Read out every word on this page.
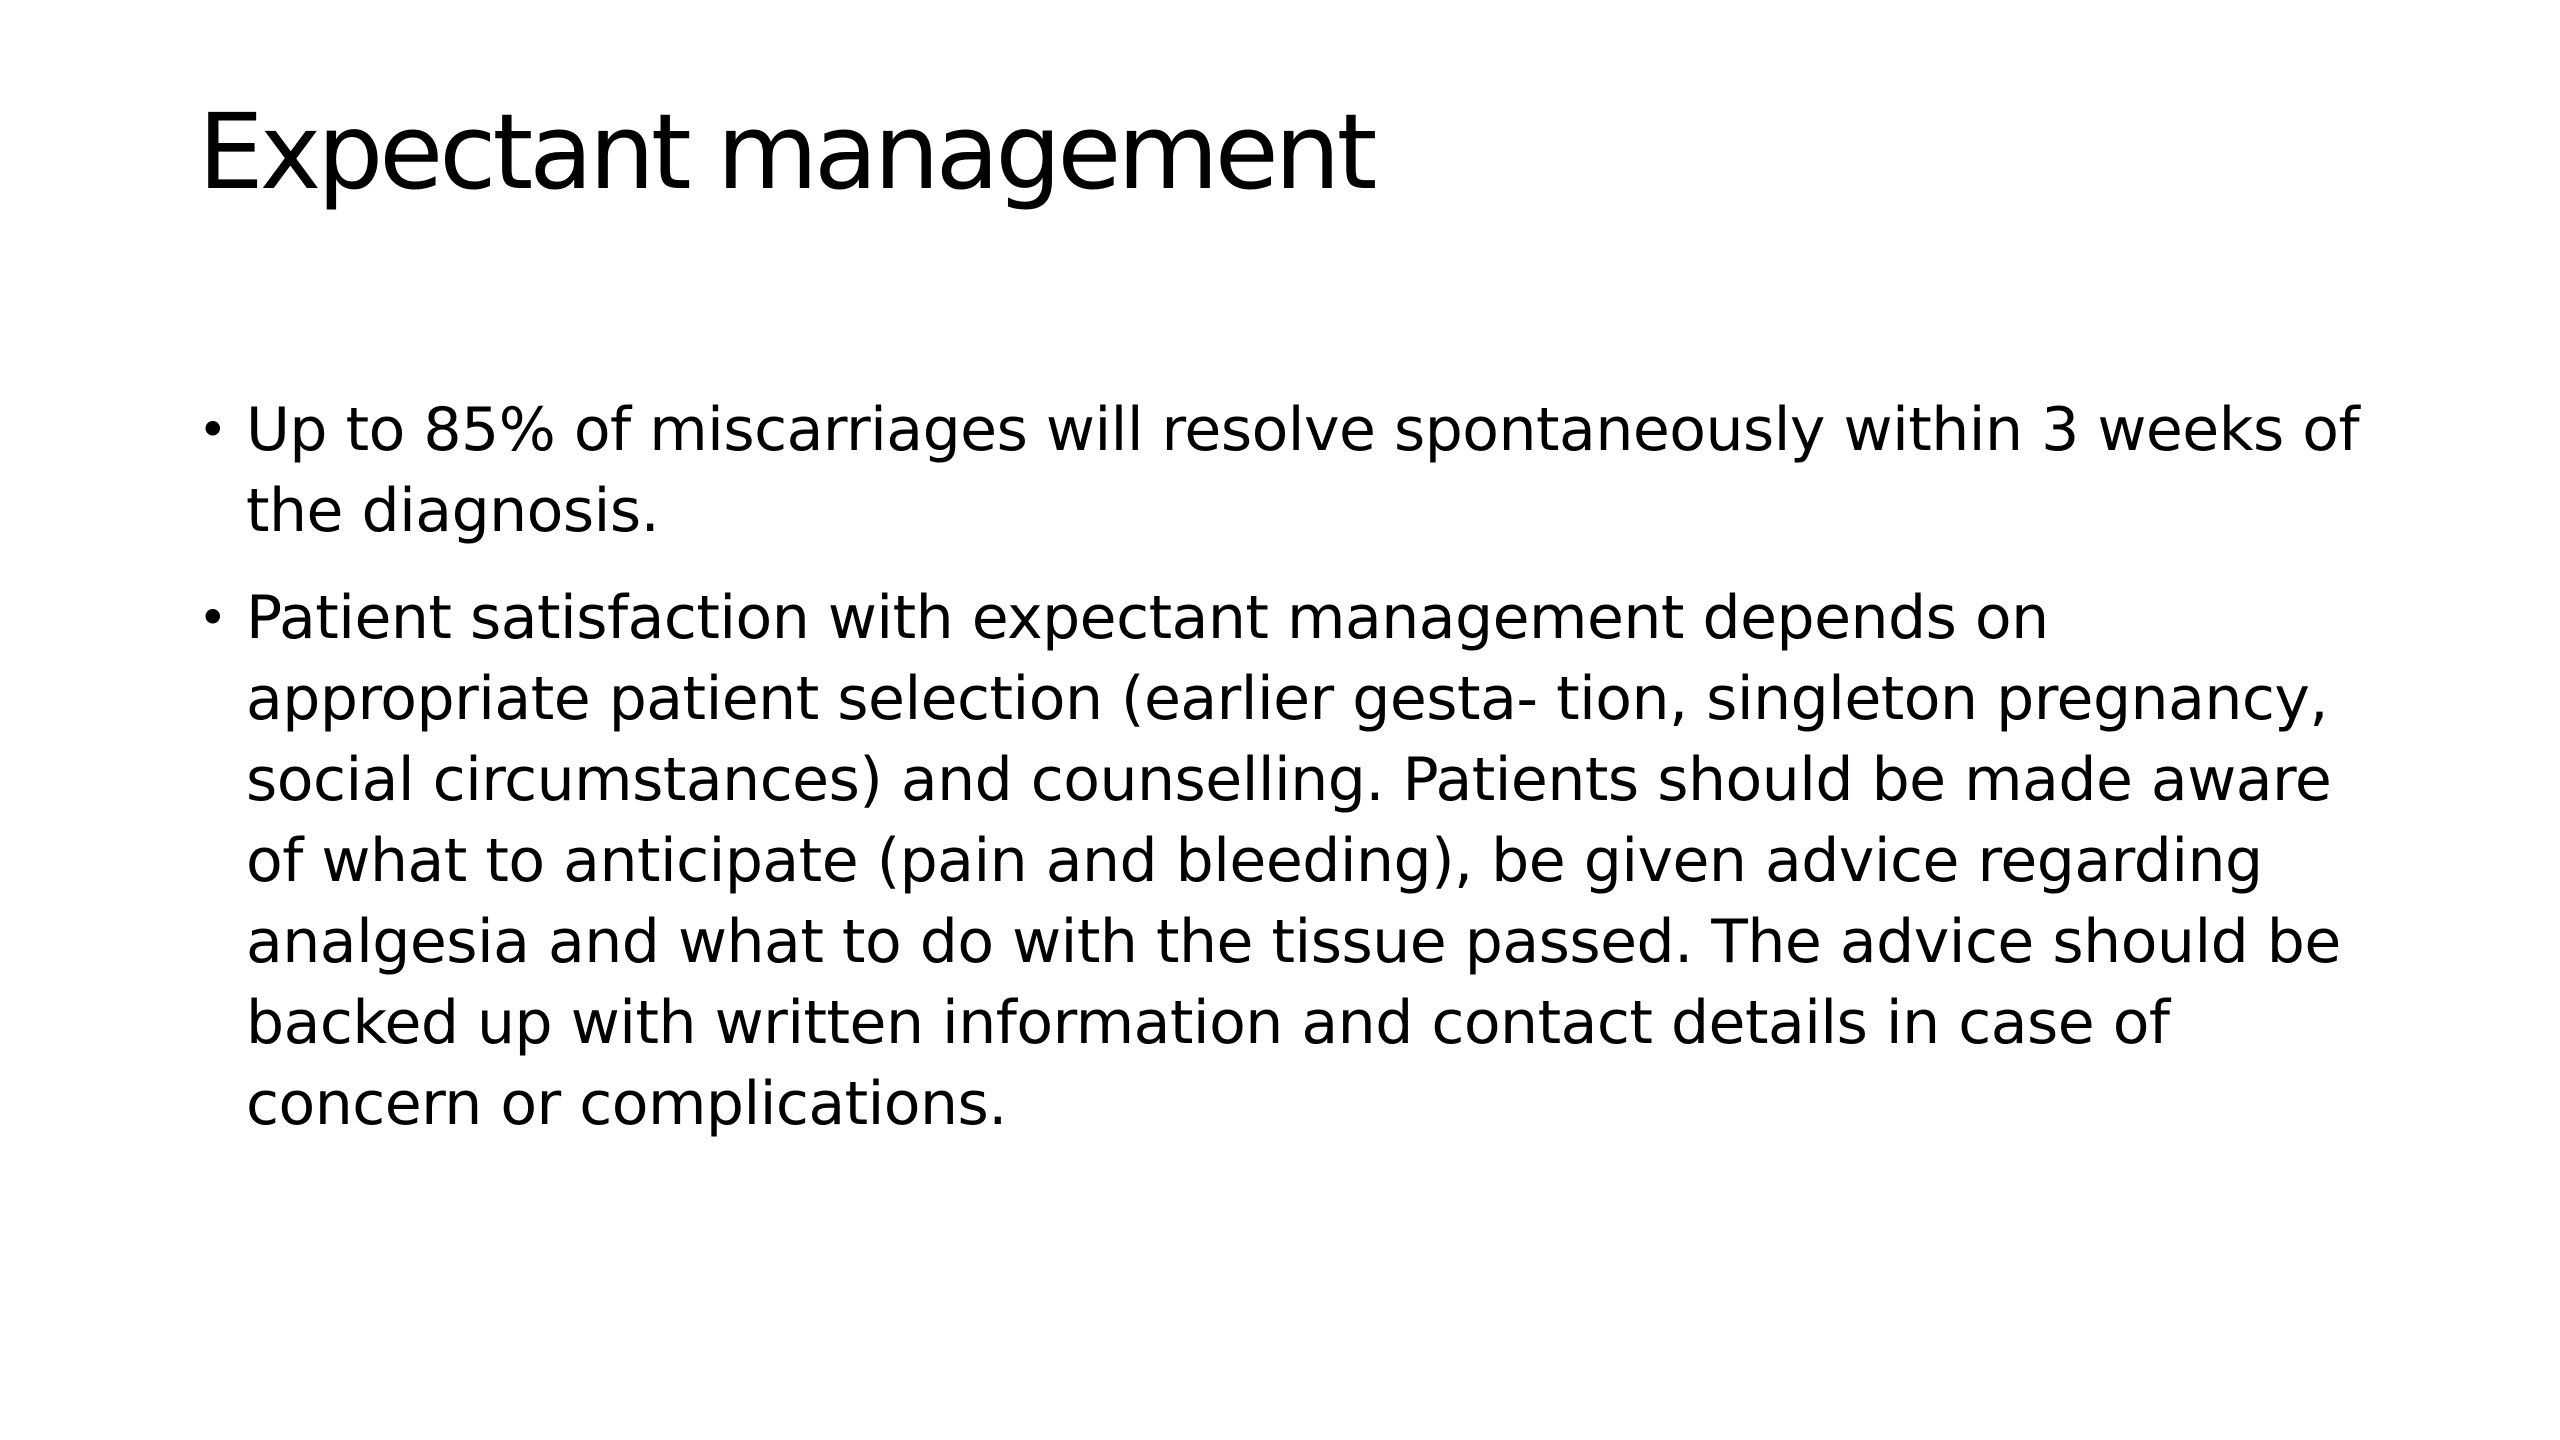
Expectant management
• Up to 85% of miscarriages will resolve spontaneously within 3 weeks of the diagnosis.
• Patient satisfaction with expectant management depends on appropriate patient selection (earlier gesta- tion, singleton pregnancy, social circumstances) and counselling. Patients should be made aware of what to anticipate (pain and bleeding), be given advice regarding analgesia and what to do with the tissue passed. The advice should be backed up with written information and contact details in case of concern or complications.
